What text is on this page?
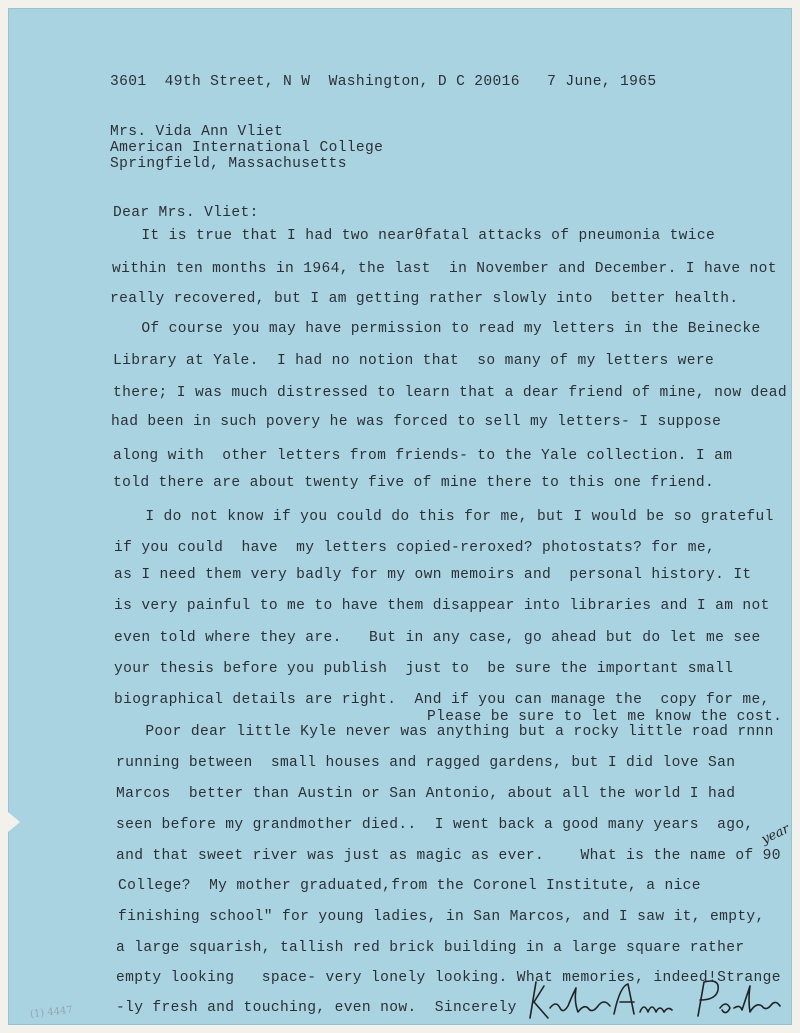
3601  49th Street, N W  Washington, D C 20016   7 June, 1965
Mrs. Vida Ann Vliet
American International College
Springfield, Massachusetts
Dear Mrs. Vliet:
It is true that I had two nearθfatal attacks of pneumonia twice
within ten months in 1964, the last  in November and December. I have not
really recovered, but I am getting rather slowly into  better health.
Of course you may have permission to read my letters in the Beinecke
Library at Yale.  I had no notion that  so many of my letters were
there; I was much distressed to learn that a dear friend of mine, now dead
had been in such povery he was forced to sell my letters- I suppose
along with  other letters from friends- to the Yale collection. I am
told there are about twenty five of mine there to this one friend.
I do not know if you could do this for me, but I would be so grateful
if you could  have  my letters copied-reroxed? photostats? for me,
as I need them very badly for my own memoirs and  personal history. It
is very painful to me to have them disappear into libraries and I am not
even told where they are.   But in any case, go ahead but do let me see
your thesis before you publish  just to  be sure the important small
biographical details are right.  And if you can manage the  copy for me,
Please be sure to let me know the cost.
Poor dear little Kyle never was anything but a rocky little road rnnn
running between  small houses and ragged gardens, but I did love San
Marcos  better than Austin or San Antonio, about all the world I had
seen before my grandmother died..  I went back a good many years  ago,
and that sweet river was just as magic as ever.    What is the name of 90
College?  My mother graduated,from the Coronel Institute, a nice
finishing school" for young ladies, in San Marcos, and I saw it, empty,
a large squarish, tallish red brick building in a large square rather
empty looking   space- very lonely looking. What memories, indeed!Strange
-ly fresh and touching, even now.  Sincerely
year
(1) 4447
